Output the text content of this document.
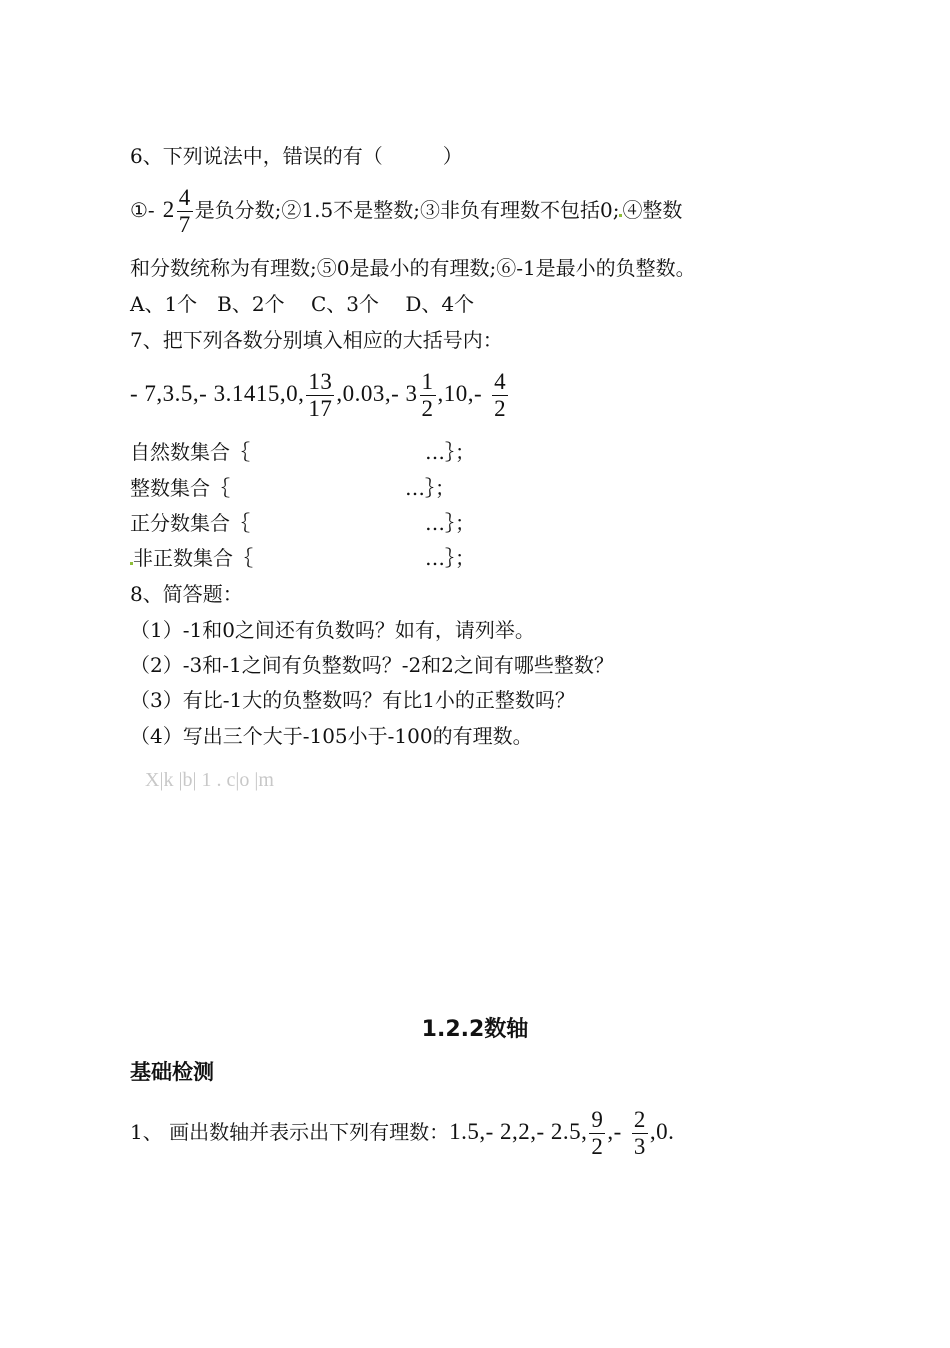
6、下列说法中，错误的有（　　　）
①- $2 \frac{4}{7}$ 是负分数;②1.5不是整数;③非负有理数不包括0; ④整数
和分数统称为有理数;⑤0是最小的有理数;⑥-1是最小的负整数。
A、1个　B、2个　 C、3个　 D、4个
7、把下列各数分别填入相应的大括号内：
- 7,3.5,- 3.1415,0, $\frac{13}{17} ,0.03,-$ $3 \frac{1}{2} ,10,- \frac{4}{2}$
自然数集合｛	…｝；
整数集合｛	…｝；
正分数集合｛	…｝；
非正数集合｛	…｝；
8、简答题：
（1）-1和0之间还有负数吗？如有，请列举。
（2）-3和-1之间有负整数吗？-2和2之间有哪些整数？
（3）有比-1大的负整数吗？有比1小的正整数吗？
（4）写出三个大于-105小于-100的有理数。
X|k |b| 1 . c|o |m
1.2.2数轴
基础检测
1、 画出数轴并表示出下列有理数：1.5,- 2,2,- 2.5, $\frac{9}{2}$ ,- $\frac{2}{3} ,0$.
